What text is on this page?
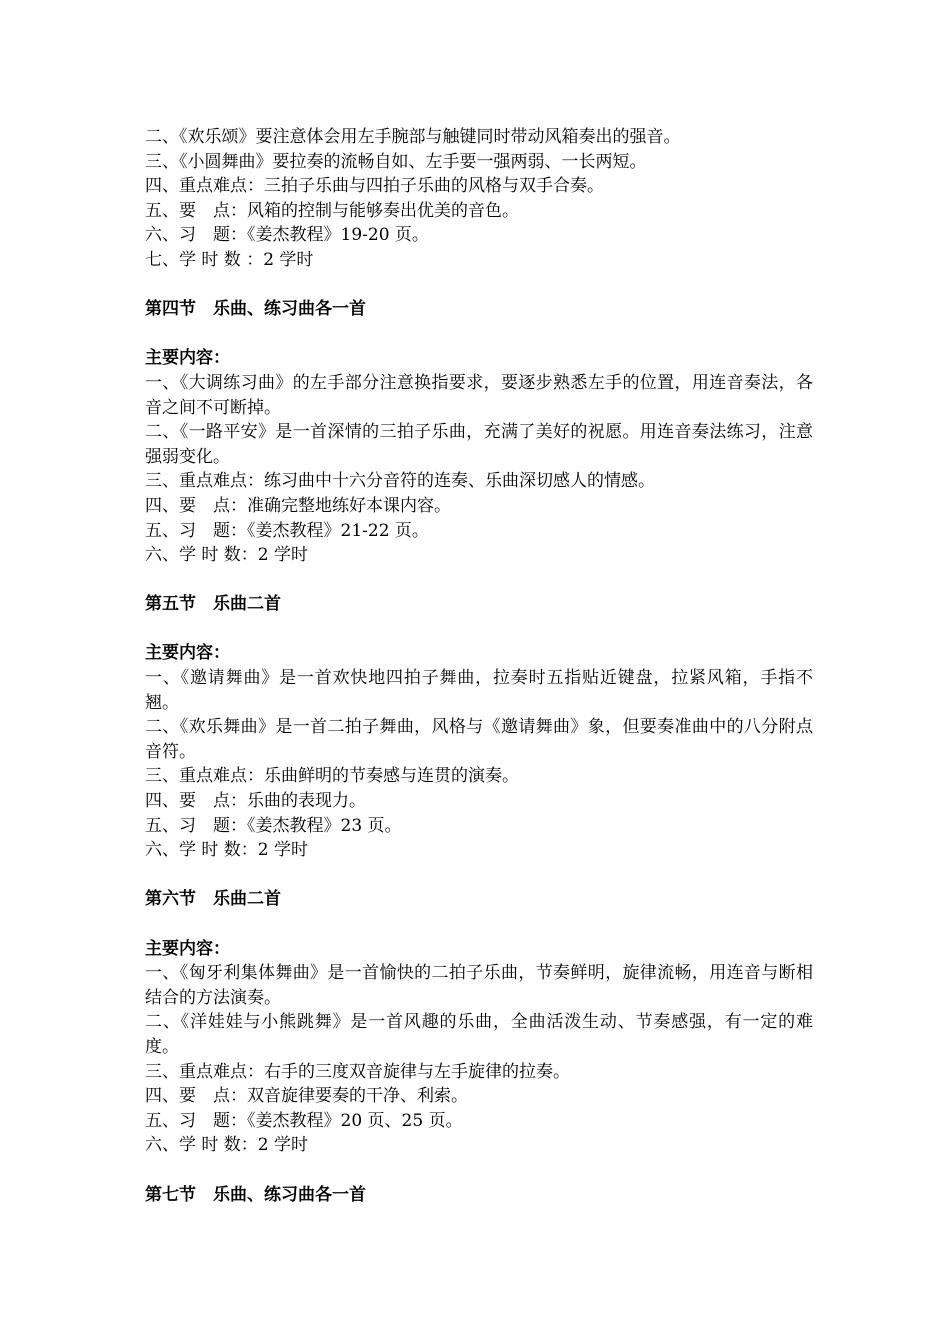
二、《欢乐颂》要注意体会用左手腕部与触键同时带动风箱奏出的强音。
三、《小圆舞曲》要拉奏的流畅自如、左手要一强两弱、一长两短。
四、重点难点：三拍子乐曲与四拍子乐曲的风格与双手合奏。
五、要　点：风箱的控制与能够奏出优美的音色。
六、习　题：《姜杰教程》19-20 页。
七、学 时 数 ：2 学时
第四节　乐曲、练习曲各一首
主要内容：
一、《大调练习曲》的左手部分注意换指要求，要逐步熟悉左手的位置，用连音奏法，各音之间不可断掉。
二、《一路平安》是一首深情的三拍子乐曲，充满了美好的祝愿。用连音奏法练习，注意强弱变化。
三、重点难点：练习曲中十六分音符的连奏、乐曲深切感人的情感。
四、要　点：准确完整地练好本课内容。
五、习　题：《姜杰教程》21-22 页。
六、学 时 数：2 学时
第五节　乐曲二首
主要内容：
一、《邀请舞曲》是一首欢快地四拍子舞曲，拉奏时五指贴近键盘，拉紧风箱，手指不翘。
二、《欢乐舞曲》是一首二拍子舞曲，风格与《邀请舞曲》象，但要奏准曲中的八分附点音符。
三、重点难点：乐曲鲜明的节奏感与连贯的演奏。
四、要　点：乐曲的表现力。
五、习　题：《姜杰教程》23 页。
六、学 时 数：2 学时
第六节　乐曲二首
主要内容：
一、《匈牙利集体舞曲》是一首愉快的二拍子乐曲，节奏鲜明，旋律流畅，用连音与断相结合的方法演奏。
二、《洋娃娃与小熊跳舞》是一首风趣的乐曲，全曲活泼生动、节奏感强，有一定的难度。
三、重点难点：右手的三度双音旋律与左手旋律的拉奏。
四、要　点：双音旋律要奏的干净、利索。
五、习　题：《姜杰教程》20 页、25 页。
六、学 时 数：2 学时
第七节　乐曲、练习曲各一首
